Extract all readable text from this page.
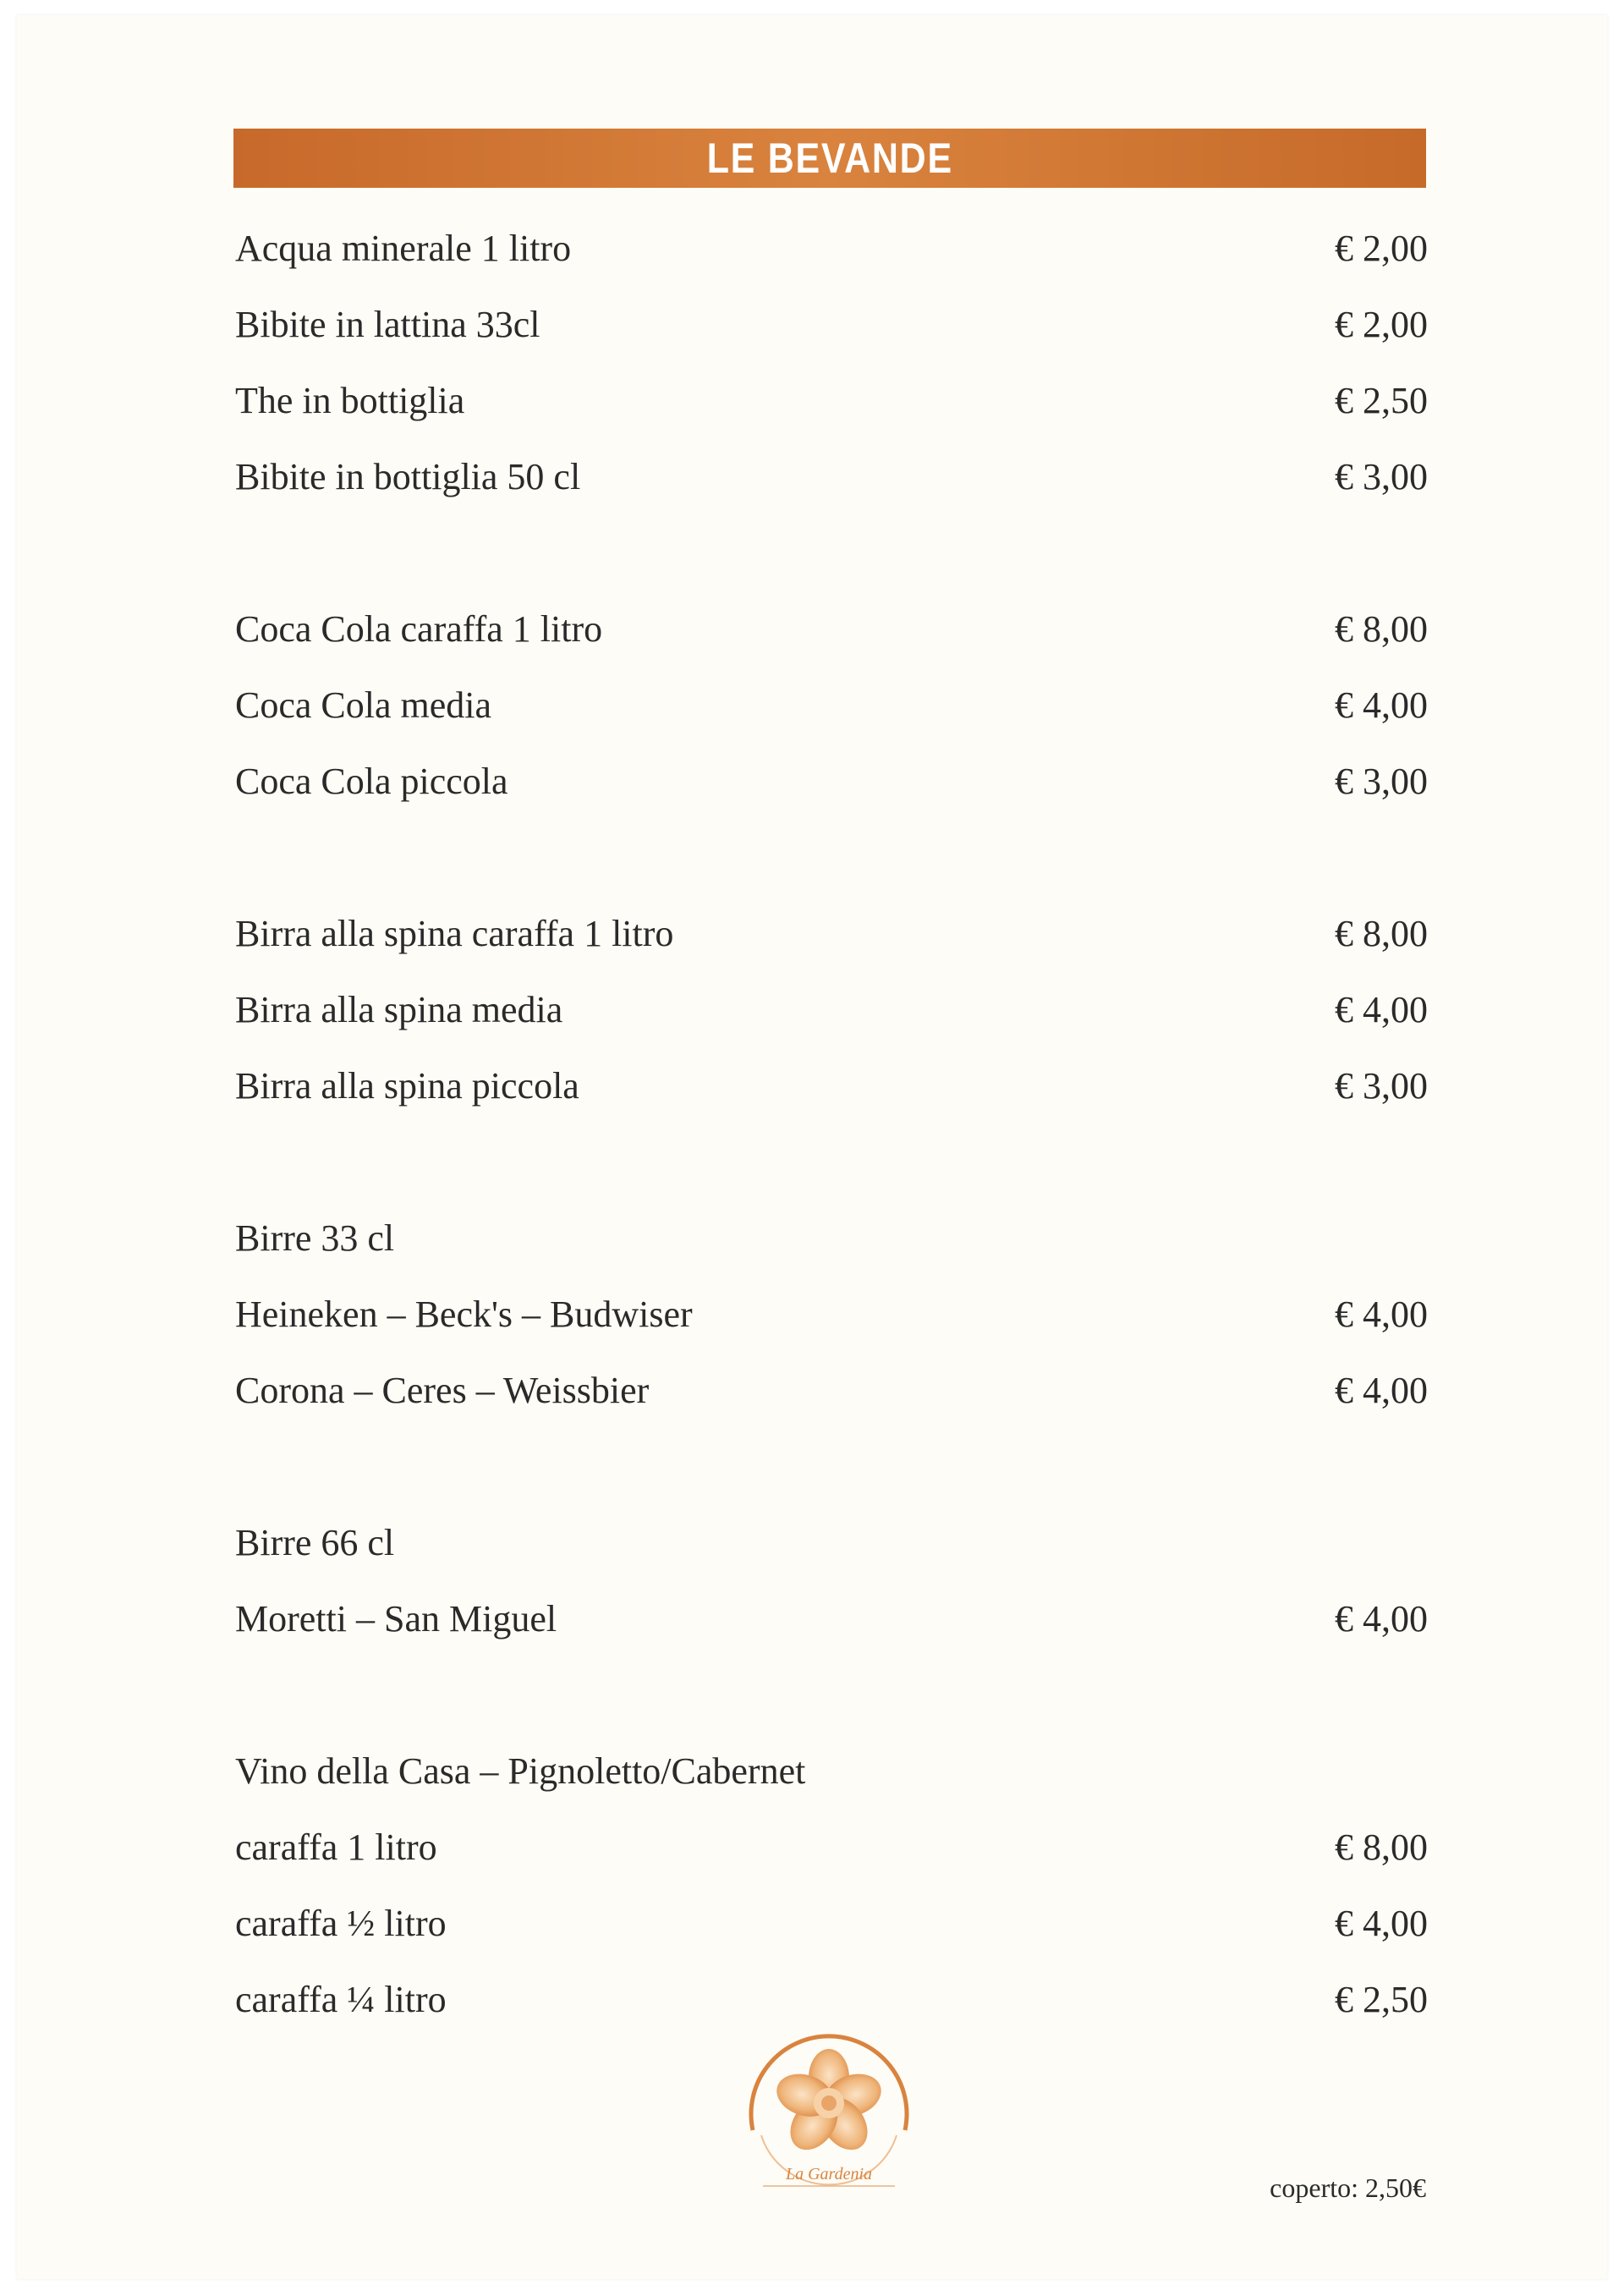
LE BEVANDE
Acqua minerale 1 litro	€ 2,00
Bibite in lattina 33cl	€ 2,00
The in bottiglia	€ 2,50
Bibite in bottiglia 50 cl	€ 3,00
Coca Cola caraffa 1 litro	€ 8,00
Coca Cola media	€ 4,00
Coca Cola piccola	€ 3,00
Birra alla spina caraffa 1 litro	€ 8,00
Birra alla spina media	€ 4,00
Birra alla spina piccola	€ 3,00
Birre 33 cl
Heineken – Beck's – Budwiser	€ 4,00
Corona – Ceres – Weissbier	€ 4,00
Birre 66 cl
Moretti – San Miguel	€ 4,00
Vino della Casa – Pignoletto/Cabernet
caraffa 1 litro	€ 8,00
caraffa ½ litro	€ 4,00
caraffa ¼ litro	€ 2,50
La Gardenia	coperto: 2,50€
